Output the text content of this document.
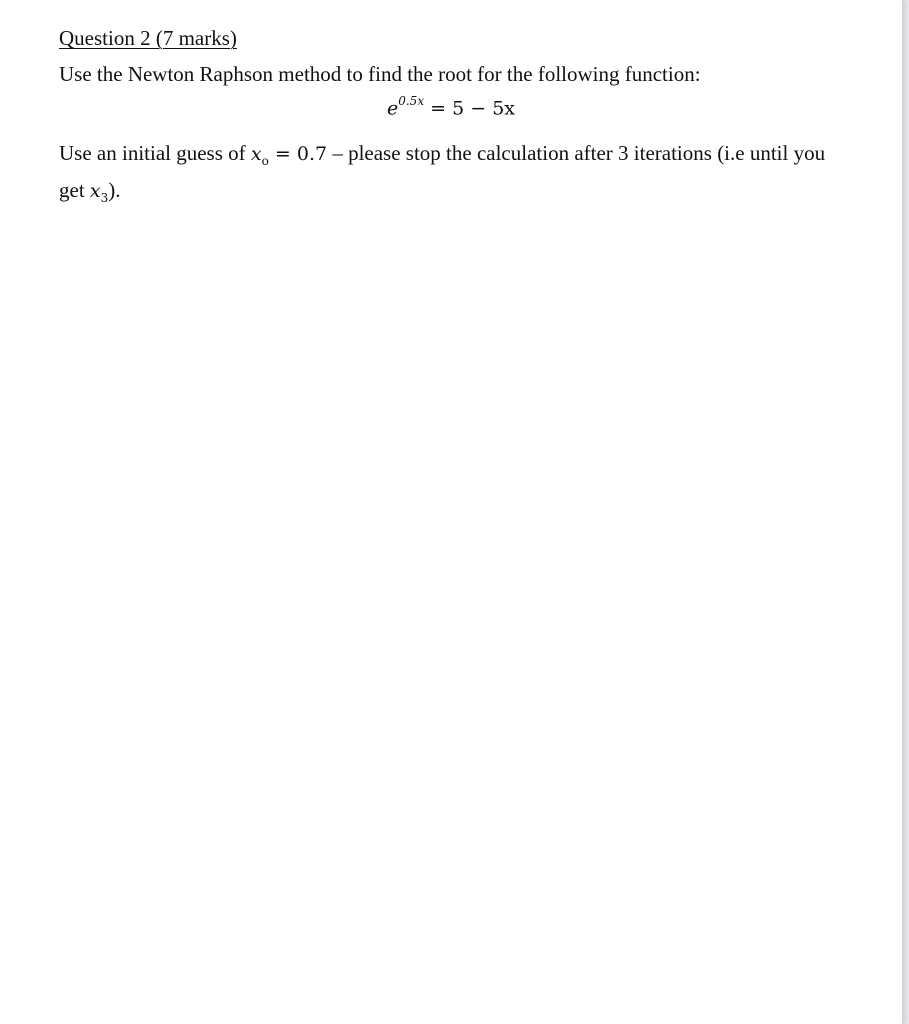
Question 2 (7 marks)
Use the Newton Raphson method to find the root for the following function:
$e^{0.5x} = 5 - 5x$
Use an initial guess of $x_o = 0.7$ – please stop the calculation after 3 iterations (i.e until you get $x_3$).
